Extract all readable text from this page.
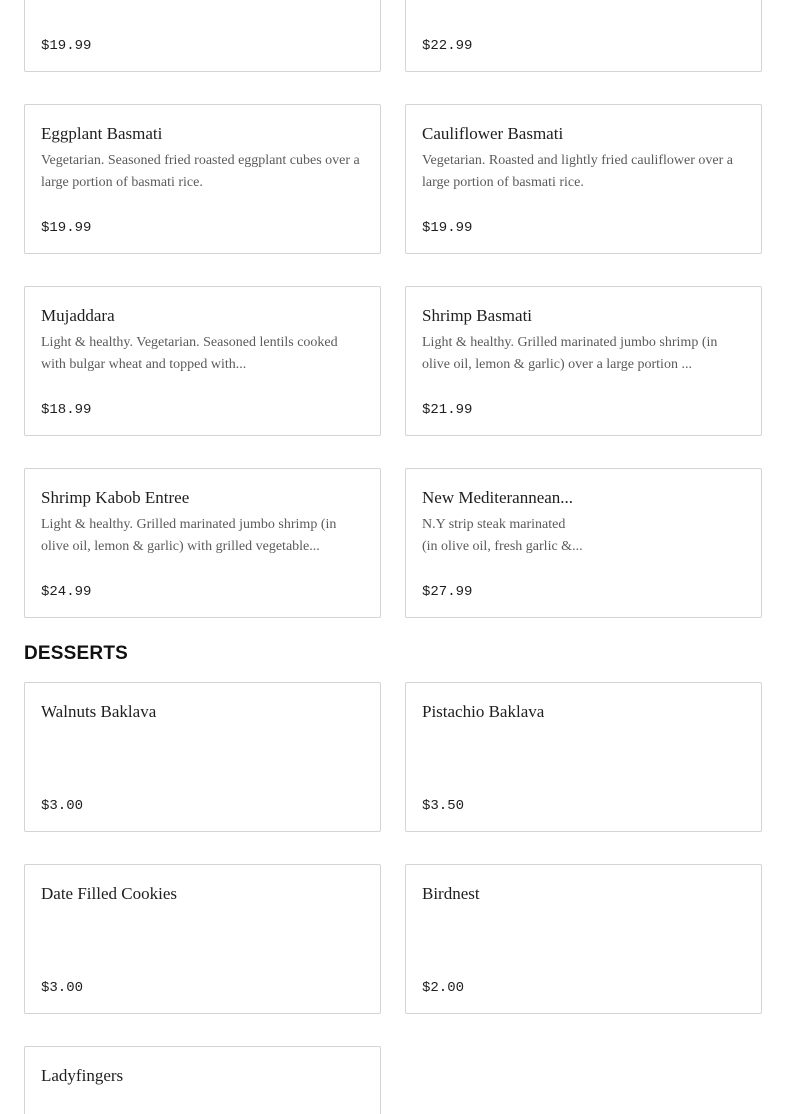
$19.99	$22.99
Eggplant Basmati
Vegetarian. Seasoned fried roasted eggplant cubes over a large portion of basmati rice.
$19.99
Cauliflower Basmati
Vegetarian. Roasted and lightly fried cauliflower over a large portion of basmati rice.
$19.99
Mujaddara
Light & healthy. Vegetarian. Seasoned lentils cooked with bulgar wheat and topped with...
$18.99
Shrimp Basmati
Light & healthy. Grilled marinated jumbo shrimp (in olive oil, lemon & garlic) over a large portion ...
$21.99
Shrimp Kabob Entree
Light & healthy. Grilled marinated jumbo shrimp (in olive oil, lemon & garlic) with grilled vegetable...
$24.99
New Mediterannean...
N.Y strip steak marinated
(in olive oil, fresh garlic &...
$27.99
DESSERTS
Walnuts Baklava
$3.00
Pistachio Baklava
$3.50
Date Filled Cookies
$3.00
Birdnest
$2.00
Ladyfingers
